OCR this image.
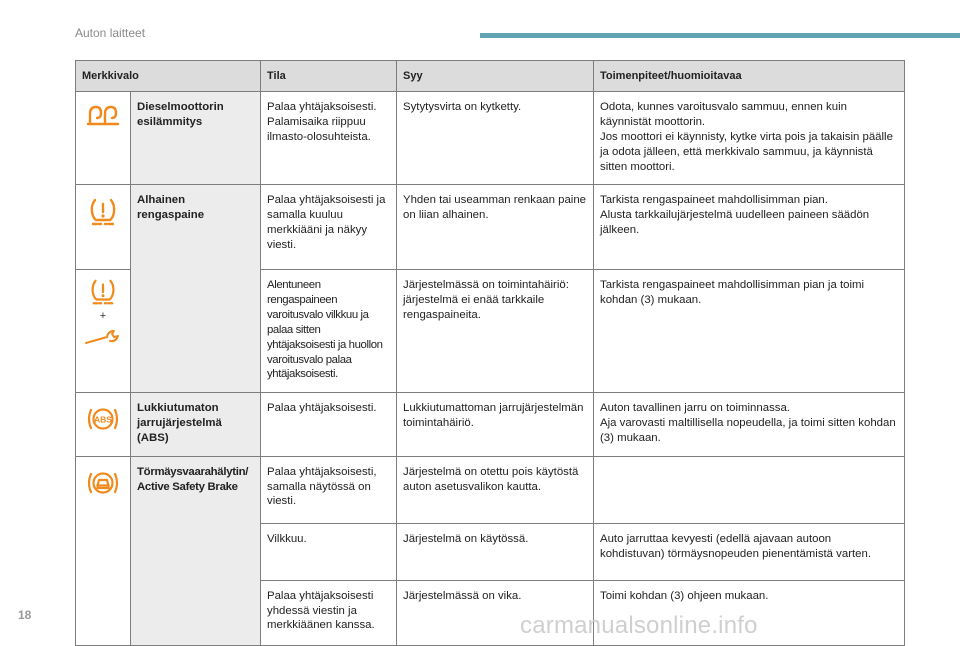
Auton laitteet
Merkkivalo		Tila	Syy	Toimenpiteet/huomioitavaa

	Dieselmoottorin esilämmitys	Palaa yhtäjaksoisesti. Palamisaika riippuu ilmasto-olosuhteista.	Sytytysvirta on kytketty.	Odota, kunnes varoitusvalo sammuu, ennen kuin käynnistät moottorin.
Jos moottori ei käynnisty, kytke virta pois ja takaisin päälle ja odota jälleen, että merkkivalo sammuu, ja käynnistä sitten moottori.

	Alhainen rengaspaine	Palaa yhtäjaksoisesti ja samalla kuuluu merkkiääni ja näkyy viesti.	Yhden tai useamman renkaan paine on liian alhainen.	Tarkista rengaspaineet mahdollisimman pian.
Alusta tarkkailujärjestelmä uudelleen paineen säädön jälkeen.

+		Alentuneen rengaspaineen varoitusvalo vilkkuu ja palaa sitten yhtäjaksoisesti ja huollon varoitusvalo palaa yhtäjaksoisesti.	Järjestelmässä on toimintahäiriö: järjestelmä ei enää tarkkaile rengaspaineita.	Tarkista rengaspaineet mahdollisimman pian ja toimi kohdan (3) mukaan.

ABS	Lukkiutumaton jarrujärjestelmä (ABS)	Palaa yhtäjaksoisesti.	Lukkiutumattoman jarrujärjestelmän toimintahäiriö.	Auton tavallinen jarru on toiminnassa.
Aja varovasti maltillisella nopeudella, ja toimi sitten kohdan (3) mukaan.

	Törmäysvaarahälytin/ Active Safety Brake	Palaa yhtäjaksoisesti, samalla näytössä on viesti.	Järjestelmä on otettu pois käytöstä auton asetusvalikon kautta.	
		Vilkkuu.	Järjestelmä on käytössä.	Auto jarruttaa kevyesti (edellä ajavaan autoon kohdistuvan) törmäysnopeuden pienentämistä varten.
		Palaa yhtäjaksoisesti yhdessä viestin ja merkkiäänen kanssa.	Järjestelmässä on vika.	Toimi kohdan (3) ohjeen mukaan.
18	carmanualsonline.info
